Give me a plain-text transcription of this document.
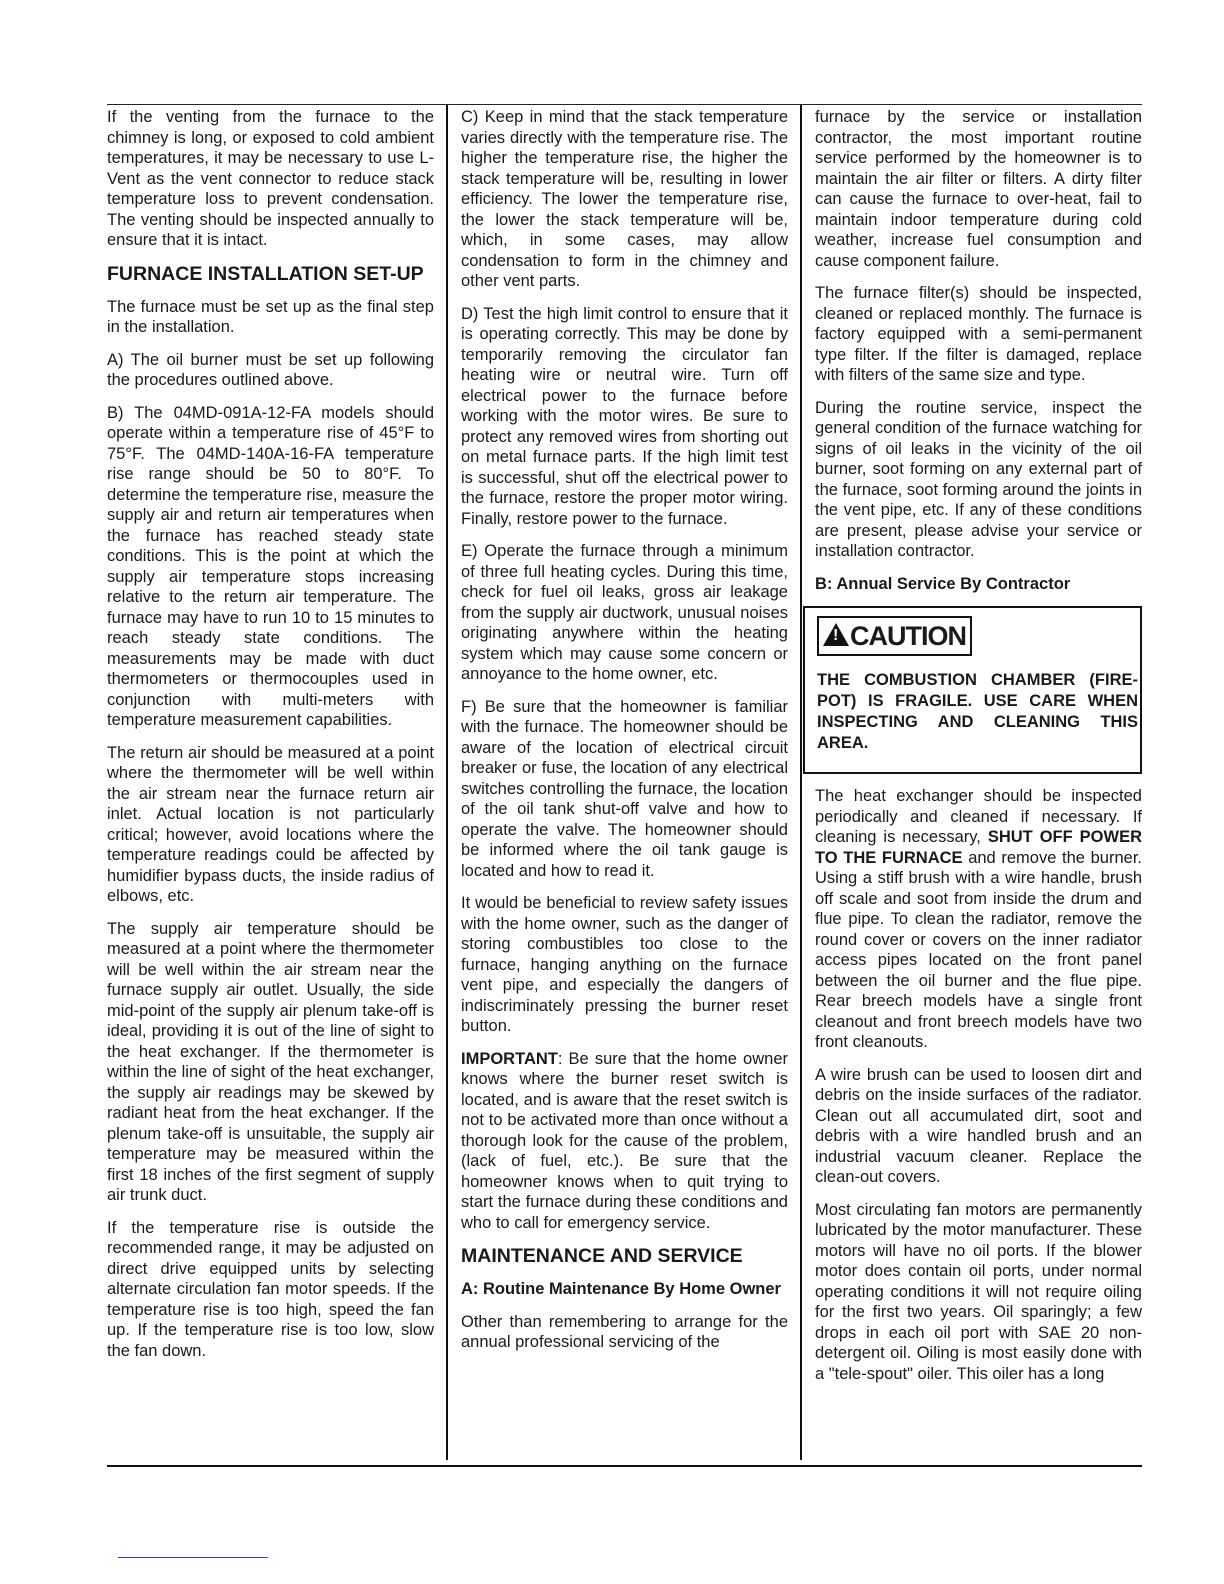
If the venting from the furnace to the chimney is long, or exposed to cold ambient temperatures, it may be necessary to use L-Vent as the vent connector to reduce stack temperature loss to prevent condensation. The venting should be inspected annually to ensure that it is intact.

FURNACE INSTALLATION SET-UP

The furnace must be set up as the final step in the installation.

A) The oil burner must be set up following the procedures outlined above.

B) The 04MD-091A-12-FA models should operate within a temperature rise of 45°F to 75°F. The 04MD-140A-16-FA temperature rise range should be 50 to 80°F. To determine the temperature rise, measure the supply air and return air temperatures when the furnace has reached steady state conditions. This is the point at which the supply air temperature stops increasing relative to the return air temperature. The furnace may have to run 10 to 15 minutes to reach steady state conditions. The measurements may be made with duct thermometers or thermocouples used in conjunction with multi-meters with temperature measurement capabilities.

The return air should be measured at a point where the thermometer will be well within the air stream near the furnace return air inlet. Actual location is not particularly critical; however, avoid locations where the temperature readings could be affected by humidifier bypass ducts, the inside radius of elbows, etc.

The supply air temperature should be measured at a point where the thermometer will be well within the air stream near the furnace supply air outlet. Usually, the side mid-point of the supply air plenum take-off is ideal, providing it is out of the line of sight to the heat exchanger. If the thermometer is within the line of sight of the heat exchanger, the supply air readings may be skewed by radiant heat from the heat exchanger. If the plenum take-off is unsuitable, the supply air temperature may be measured within the first 18 inches of the first segment of supply air trunk duct.

If the temperature rise is outside the recommended range, it may be adjusted on direct drive equipped units by selecting alternate circulation fan motor speeds. If the temperature rise is too high, speed the fan up. If the temperature rise is too low, slow the fan down.

C) Keep in mind that the stack temperature varies directly with the temperature rise. The higher the temperature rise, the higher the stack temperature will be, resulting in lower efficiency. The lower the temperature rise, the lower the stack temperature will be, which, in some cases, may allow condensation to form in the chimney and other vent parts.

D) Test the high limit control to ensure that it is operating correctly. This may be done by temporarily removing the circulator fan heating wire or neutral wire. Turn off electrical power to the furnace before working with the motor wires. Be sure to protect any removed wires from shorting out on metal furnace parts. If the high limit test is successful, shut off the electrical power to the furnace, restore the proper motor wiring. Finally, restore power to the furnace.

E) Operate the furnace through a minimum of three full heating cycles. During this time, check for fuel oil leaks, gross air leakage from the supply air ductwork, unusual noises originating anywhere within the heating system which may cause some concern or annoyance to the home owner, etc.

F) Be sure that the homeowner is familiar with the furnace. The homeowner should be aware of the location of electrical circuit breaker or fuse, the location of any electrical switches controlling the furnace, the location of the oil tank shut-off valve and how to operate the valve. The homeowner should be informed where the oil tank gauge is located and how to read it.

It would be beneficial to review safety issues with the home owner, such as the danger of storing combustibles too close to the furnace, hanging anything on the furnace vent pipe, and especially the dangers of indiscriminately pressing the burner reset button.

IMPORTANT: Be sure that the home owner knows where the burner reset switch is located, and is aware that the reset switch is not to be activated more than once without a thorough look for the cause of the problem, (lack of fuel, etc.). Be sure that the homeowner knows when to quit trying to start the furnace during these conditions and who to call for emergency service.

MAINTENANCE AND SERVICE
A: Routine Maintenance By Home Owner

Other than remembering to arrange for the annual professional servicing of the

furnace by the service or installation contractor, the most important routine service performed by the homeowner is to maintain the air filter or filters. A dirty filter can cause the furnace to over-heat, fail to maintain indoor temperature during cold weather, increase fuel consumption and cause component failure.

The furnace filter(s) should be inspected, cleaned or replaced monthly. The furnace is factory equipped with a semi-permanent type filter. If the filter is damaged, replace with filters of the same size and type.

During the routine service, inspect the general condition of the furnace watching for signs of oil leaks in the vicinity of the oil burner, soot forming on any external part of the furnace, soot forming around the joints in the vent pipe, etc. If any of these conditions are present, please advise your service or installation contractor.

B: Annual Service By Contractor
! CAUTION

THE COMBUSTION CHAMBER (FIRE-POT) IS FRAGILE. USE CARE WHEN INSPECTING AND CLEANING THIS AREA.

The heat exchanger should be inspected periodically and cleaned if necessary. If cleaning is necessary, SHUT OFF POWER TO THE FURNACE and remove the burner. Using a stiff brush with a wire handle, brush off scale and soot from inside the drum and flue pipe. To clean the radiator, remove the round cover or covers on the inner radiator access pipes located on the front panel between the oil burner and the flue pipe. Rear breech models have a single front cleanout and front breech models have two front cleanouts.

A wire brush can be used to loosen dirt and debris on the inside surfaces of the radiator. Clean out all accumulated dirt, soot and debris with a wire handled brush and an industrial vacuum cleaner. Replace the clean-out covers.

Most circulating fan motors are permanently lubricated by the motor manufacturer. These motors will have no oil ports. If the blower motor does contain oil ports, under normal operating conditions it will not require oiling for the first two years. Oil sparingly; a few drops in each oil port with SAE 20 non-detergent oil. Oiling is most easily done with a "tele-spout" oiler. This oiler has a long
